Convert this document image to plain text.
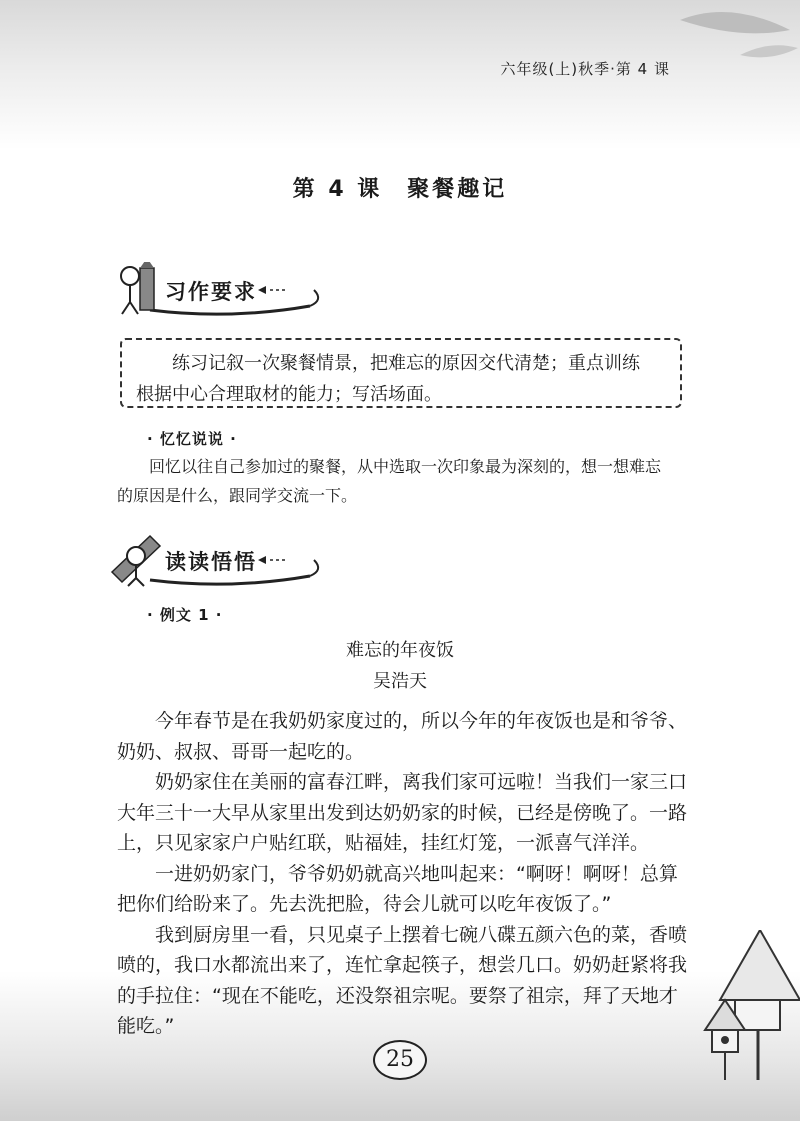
六年级(上)秋季·第 4 课
第 4 课　聚餐趣记
习作要求

练习记叙一次聚餐情景，把难忘的原因交代清楚；重点训练

根据中心合理取材的能力；写活场面。

· 忆忆说说 ·

回忆以往自己参加过的聚餐，从中选取一次印象最为深刻的，想一想难忘

的原因是什么，跟同学交流一下。

读读悟悟
· 例文 1 ·
难忘的年夜饭
吴浩天

今年春节是在我奶奶家度过的，所以今年的年夜饭也是和爷爷、奶奶、叔叔、哥哥一起吃的。

奶奶家住在美丽的富春江畔，离我们家可远啦！当我们一家三口大年三十一大早从家里出发到达奶奶家的时候，已经是傍晚了。一路上，只见家家户户贴红联，贴福娃，挂红灯笼，一派喜气洋洋。

一进奶奶家门，爷爷奶奶就高兴地叫起来：“啊呀！啊呀！总算把你们给盼来了。先去洗把脸，待会儿就可以吃年夜饭了。”

我到厨房里一看，只见桌子上摆着七碗八碟五颜六色的菜，香喷喷的，我口水都流出来了，连忙拿起筷子，想尝几口。奶奶赶紧将我的手拉住：“现在不能吃，还没祭祖宗呢。要祭了祖宗，拜了天地才能吃。”

25
